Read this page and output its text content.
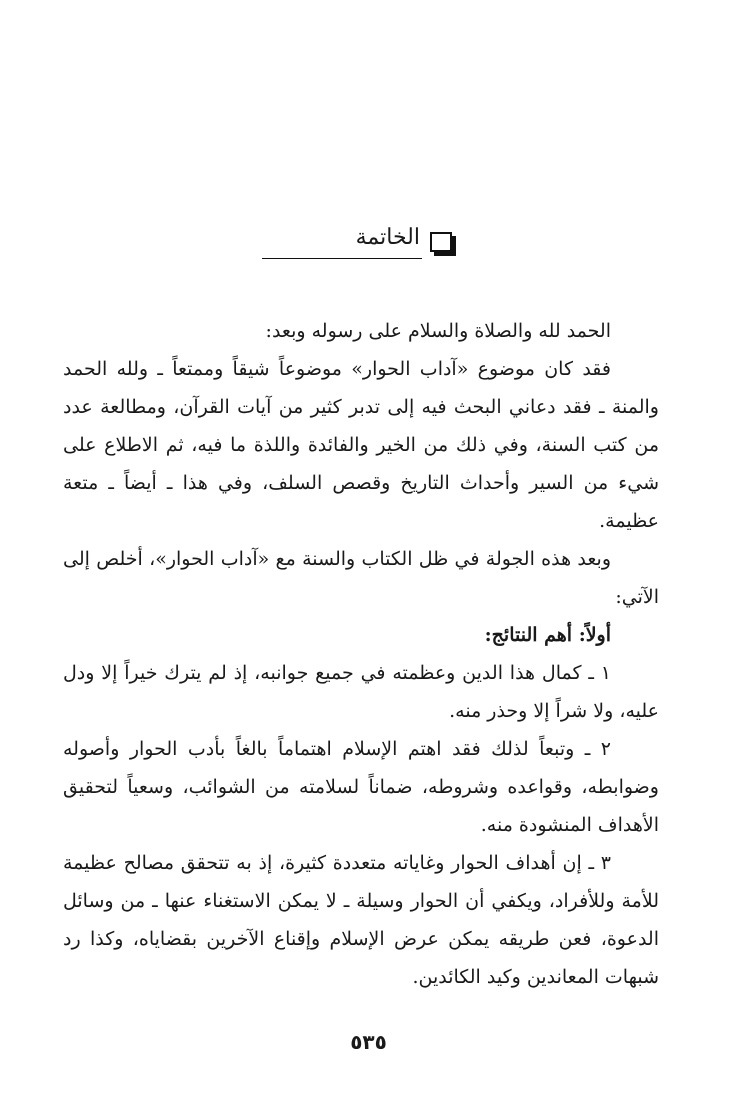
الخاتمة

الحمد لله والصلاة والسلام على رسوله وبعد:

فقد كان موضوع «آداب الحوار» موضوعاً شيقاً وممتعاً ـ ولله الحمد والمنة ـ فقد دعاني البحث فيه إلى تدبر كثير من آيات القرآن، ومطالعة عدد من كتب السنة، وفي ذلك من الخير والفائدة واللذة ما فيه، ثم الاطلاع على شيء من السير وأحداث التاريخ وقصص السلف، وفي هذا ـ أيضاً ـ متعة عظيمة.

وبعد هذه الجولة في ظل الكتاب والسنة مع «آداب الحوار»، أخلص إلى الآتي:

أولاً: أهم النتائج:

١ ـ كمال هذا الدين وعظمته في جميع جوانبه، إذ لم يترك خيراً إلا ودل عليه، ولا شراً إلا وحذر منه.

٢ ـ وتبعاً لذلك فقد اهتم الإسلام اهتماماً بالغاً بأدب الحوار وأصوله وضوابطه، وقواعده وشروطه، ضماناً لسلامته من الشوائب، وسعياً لتحقيق الأهداف المنشودة منه.

٣ ـ إن أهداف الحوار وغاياته متعددة كثيرة، إذ به تتحقق مصالح عظيمة للأمة وللأفراد، ويكفي أن الحوار وسيلة ـ لا يمكن الاستغناء عنها ـ من وسائل الدعوة، فعن طريقه يمكن عرض الإسلام وإقناع الآخرين بقضاياه، وكذا رد شبهات المعاندين وكيد الكائدين.

٥٣٥
